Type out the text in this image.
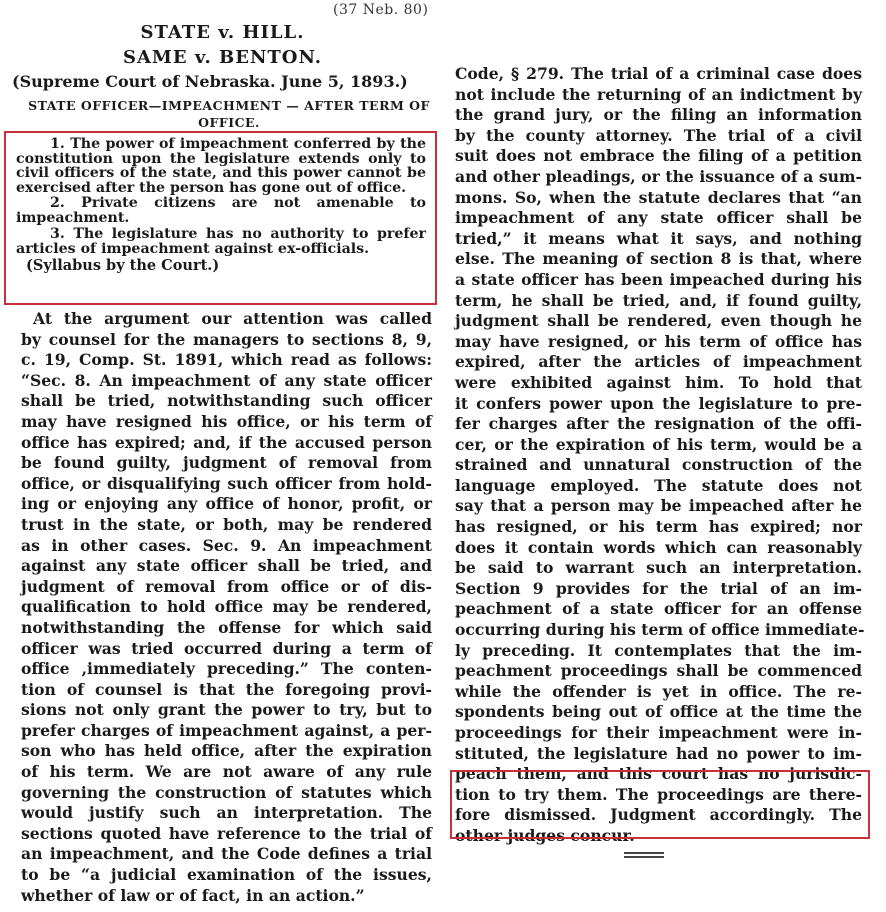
(37 Neb. 80)
STATE v. HILL.
SAME v. BENTON.
(Supreme Court of Nebraska. June 5, 1893.)
STATE OFFICER—IMPEACHMENT — AFTER TERM OF
OFFICE.

1. The power of impeachment conferred by the constitution upon the legislature extends only to civil officers of the state, and this power cannot be exercised after the person has gone out of office.

2. Private citizens are not amenable to impeachment.

3. The legislature has no authority to prefer articles of impeachment against ex-officials.

(Syllabus by the Court.)

At the argument our attention was called
by counsel for the managers to sections 8, 9,
c. 19, Comp. St. 1891, which read as follows:
“Sec. 8. An impeachment of any state officer
shall be tried, notwithstanding such officer
may have resigned his office, or his term of
office has expired; and, if the accused person
be found guilty, judgment of removal from
office, or disqualifying such officer from hold-
ing or enjoying any office of honor, profit, or
trust in the state, or both, may be rendered
as in other cases. Sec. 9. An impeachment
against any state officer shall be tried, and
judgment of removal from office or of dis-
qualification to hold office may be rendered,
notwithstanding the offense for which said
officer was tried occurred during a term of
office ,immediately preceding.” The conten-
tion of counsel is that the foregoing provi-
sions not only grant the power to try, but to
prefer charges of impeachment against, a per-
son who has held office, after the expiration
of his term. We are not aware of any rule
governing the construction of statutes which
would justify such an interpretation. The
sections quoted have reference to the trial of
an impeachment, and the Code defines a trial
to be “a judicial examination of the issues,
whether of law or of fact, in an action.”
Code, § 279. The trial of a criminal case does
not include the returning of an indictment by
the grand jury, or the filing an information
by the county attorney. The trial of a civil
suit does not embrace the filing of a petition
and other pleadings, or the issuance of a sum-
mons. So, when the statute declares that “an
impeachment of any state officer shall be
tried,” it means what it says, and nothing
else. The meaning of section 8 is that, where
a state officer has been impeached during his
term, he shall be tried, and, if found guilty,
judgment shall be rendered, even though he
may have resigned, or his term of office has
expired, after the articles of impeachment
were exhibited against him. To hold that
it confers power upon the legislature to pre-
fer charges after the resignation of the offi-
cer, or the expiration of his term, would be a
strained and unnatural construction of the
language employed. The statute does not
say that a person may be impeached after he
has resigned, or his term has expired; nor
does it contain words which can reasonably
be said to warrant such an interpretation.
Section 9 provides for the trial of an im-
peachment of a state officer for an offense
occurring during his term of office immediate-
ly preceding. It contemplates that the im-
peachment proceedings shall be commenced
while the offender is yet in office. The re-
spondents being out of office at the time the
proceedings for their impeachment were in-
stituted, the legislature had no power to im-
peach them, and this court has no jurisdic-
tion to try them. The proceedings are there-
fore dismissed. Judgment accordingly. The
other judges concur.
